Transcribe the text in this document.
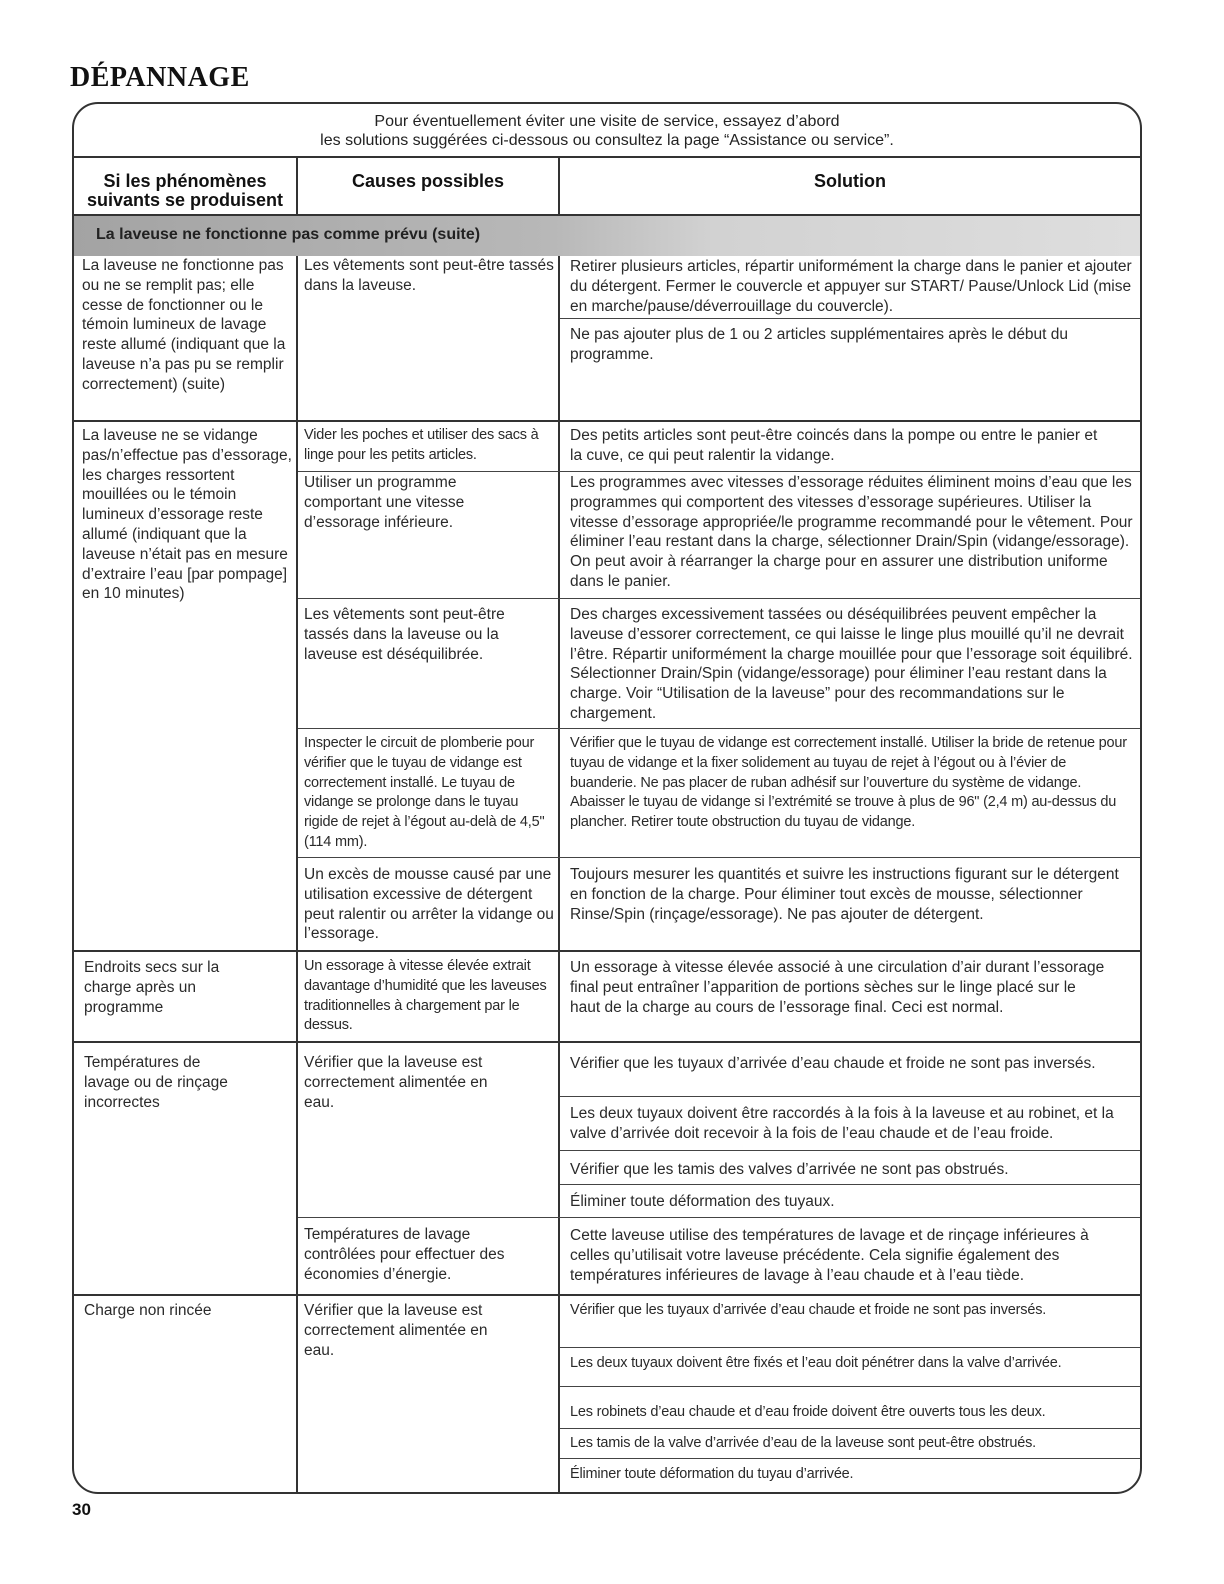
DÉPANNAGE
Pour éventuellement éviter une visite de service, essayez d’abord
les solutions suggérées ci-dessous ou consultez la page “Assistance ou service”.
Si les phénomènes
suivants se produisent
Causes possibles	Solution
La laveuse ne fonctionne pas comme prévu (suite)

La laveuse ne fonctionne pas ou ne se remplit pas; elle cesse de fonctionner ou le témoin lumineux de lavage reste allumé (indiquant que la laveuse n’a pas pu se remplir correctement) (suite)

La laveuse ne se vidange pas/n’effectue pas d’essorage, les charges ressortent mouillées ou le témoin lumineux d’essorage reste allumé (indiquant que la laveuse n’était pas en mesure d’extraire l’eau [par pompage] en 10 minutes)

Endroits secs sur la charge après un programme

Températures de lavage ou de rinçage incorrectes

Charge non rincée

Les vêtements sont peut-être tassés dans la laveuse.

Vider les poches et utiliser des sacs à linge pour les petits articles.

Utiliser un programme comportant une vitesse d’essorage inférieure.

Les vêtements sont peut-être tassés dans la laveuse ou la laveuse est déséquilibrée.

Inspecter le circuit de plomberie pour vérifier que le tuyau de vidange est correctement installé. Le tuyau de vidange se prolonge dans le tuyau rigide de rejet à l’égout au-delà de 4,5" (114 mm).

Un excès de mousse causé par une utilisation excessive de détergent peut ralentir ou arrêter la vidange ou l’essorage.

Un essorage à vitesse élevée extrait davantage d’humidité que les laveuses traditionnelles à chargement par le dessus.

Vérifier que la laveuse est correctement alimentée en eau.

Températures de lavage contrôlées pour effectuer des économies d’énergie.

Vérifier que la laveuse est correctement alimentée en eau.

Retirer plusieurs articles, répartir uniformément la charge dans le panier et ajouter du détergent. Fermer le couvercle et appuyer sur START/ Pause/Unlock Lid (mise en marche/pause/déverrouillage du couvercle).

Ne pas ajouter plus de 1 ou 2 articles supplémentaires après le début du programme.

Des petits articles sont peut-être coincés dans la pompe ou entre le panier et la cuve, ce qui peut ralentir la vidange.

Les programmes avec vitesses d’essorage réduites éliminent moins d’eau que les programmes qui comportent des vitesses d’essorage supérieures. Utiliser la vitesse d’essorage appropriée/le programme recommandé pour le vêtement. Pour éliminer l’eau restant dans la charge, sélectionner Drain/Spin (vidange/essorage). On peut avoir à réarranger la charge pour en assurer une distribution uniforme dans le panier.

Des charges excessivement tassées ou déséquilibrées peuvent empêcher la laveuse d’essorer correctement, ce qui laisse le linge plus mouillé qu’il ne devrait l’être. Répartir uniformément la charge mouillée pour que l’essorage soit équilibré. Sélectionner Drain/Spin (vidange/essorage) pour éliminer l’eau restant dans la charge. Voir “Utilisation de la laveuse” pour des recommandations sur le chargement.

Vérifier que le tuyau de vidange est correctement installé. Utiliser la bride de retenue pour tuyau de vidange et la fixer solidement au tuyau de rejet à l’égout ou à l’évier de buanderie. Ne pas placer de ruban adhésif sur l’ouverture du système de vidange. Abaisser le tuyau de vidange si l’extrémité se trouve à plus de 96" (2,4 m) au-dessus du plancher. Retirer toute obstruction du tuyau de vidange.

Toujours mesurer les quantités et suivre les instructions figurant sur le détergent en fonction de la charge. Pour éliminer tout excès de mousse, sélectionner Rinse/Spin (rinçage/essorage). Ne pas ajouter de détergent.

Un essorage à vitesse élevée associé à une circulation d’air durant l’essorage final peut entraîner l’apparition de portions sèches sur le linge placé sur le haut de la charge au cours de l’essorage final. Ceci est normal.

Vérifier que les tuyaux d’arrivée d’eau chaude et froide ne sont pas inversés.

Les deux tuyaux doivent être raccordés à la fois à la laveuse et au robinet, et la valve d’arrivée doit recevoir à la fois de l’eau chaude et de l’eau froide.

Vérifier que les tamis des valves d’arrivée ne sont pas obstrués.

Éliminer toute déformation des tuyaux.

Cette laveuse utilise des températures de lavage et de rinçage inférieures à celles qu’utilisait votre laveuse précédente. Cela signifie également des températures inférieures de lavage à l’eau chaude et à l’eau tiède.

Vérifier que les tuyaux d’arrivée d’eau chaude et froide ne sont pas inversés.

Les deux tuyaux doivent être fixés et l’eau doit pénétrer dans la valve d’arrivée.

Les robinets d’eau chaude et d’eau froide doivent être ouverts tous les deux.

Les tamis de la valve d’arrivée d’eau de la laveuse sont peut-être obstrués.

Éliminer toute déformation du tuyau d’arrivée.

30
